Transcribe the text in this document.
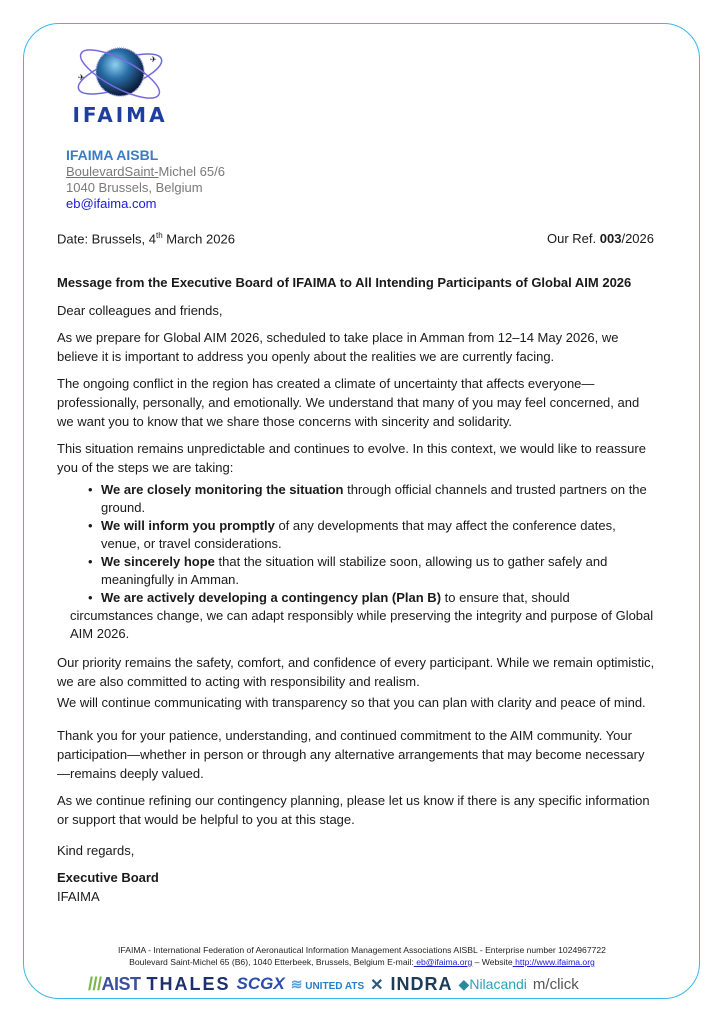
✈
✈
IFAIMA
IFAIMA AISBL
BoulevardSaint-Michel 65/6
1040 Brussels, Belgium
eb@ifaima.com
Date: Brussels, 4th March 2026	Our Ref. 003/2026
Message from the Executive Board of IFAIMA to All Intending Participants of Global AIM 2026

Dear colleagues and friends,

As we prepare for Global AIM 2026, scheduled to take place in Amman from 12–14 May 2026, we believe it is important to address you openly about the realities we are currently facing.

The ongoing conflict in the region has created a climate of uncertainty that affects everyone—professionally, personally, and emotionally. We understand that many of you may feel concerned, and we want you to know that we share those concerns with sincerity and solidarity.

This situation remains unpredictable and continues to evolve. In this context, we would like to reassure you of the steps we are taking:

• We are closely monitoring the situation through official channels and trusted partners on the ground.
• We will inform you promptly of any developments that may affect the conference dates, venue, or travel considerations.
• We sincerely hope that the situation will stabilize soon, allowing us to gather safely and meaningfully in Amman.
• We are actively developing a contingency plan (Plan B) to ensure that, should
circumstances change, we can adapt responsibly while preserving the integrity and purpose of Global AIM 2026.

Our priority remains the safety, comfort, and confidence of every participant. While we remain optimistic, we are also committed to acting with responsibility and realism.

We will continue communicating with transparency so that you can plan with clarity and peace of mind.

Thank you for your patience, understanding, and continued commitment to the AIM community. Your participation—whether in person or through any alternative arrangements that may become necessary—remains deeply valued.

As we continue refining our contingency planning, please let us know if there is any specific information or support that would be helpful to you at this stage.

Kind regards,

Executive Board
IFAIMA
IFAIMA - International Federation of Aeronautical Information Management Associations AISBL - Enterprise number 1024967722
Boulevard Saint-Michel 65 (B6), 1040 Etterbeek, Brussels, Belgium E-mail: eb@ifaima.org – Website http://www.ifaima.org
///AIST THALES SCGX ≋ UNITED ATS ✕ INDRA ◆Nilacandi m/click
